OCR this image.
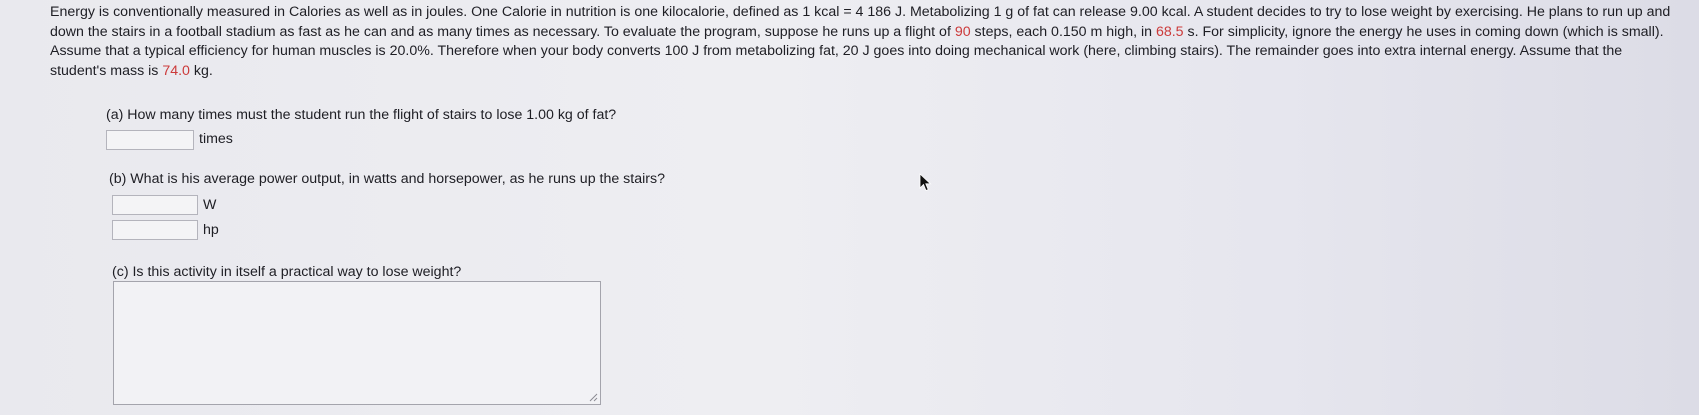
Energy is conventionally measured in Calories as well as in joules. One Calorie in nutrition is one kilocalorie, defined as 1 kcal = 4 186 J. Metabolizing 1 g of fat can release 9.00 kcal. A student decides to try to lose weight by exercising. He plans to run up and down the stairs in a football stadium as fast as he can and as many times as necessary. To evaluate the program, suppose he runs up a flight of 90 steps, each 0.150 m high, in 68.5 s. For simplicity, ignore the energy he uses in coming down (which is small). Assume that a typical efficiency for human muscles is 20.0%. Therefore when your body converts 100 J from metabolizing fat, 20 J goes into doing mechanical work (here, climbing stairs). The remainder goes into extra internal energy. Assume that the student's mass is 74.0 kg.
(a) How many times must the student run the flight of stairs to lose 1.00 kg of fat?
times
(b) What is his average power output, in watts and horsepower, as he runs up the stairs?
W
hp
(c) Is this activity in itself a practical way to lose weight?
